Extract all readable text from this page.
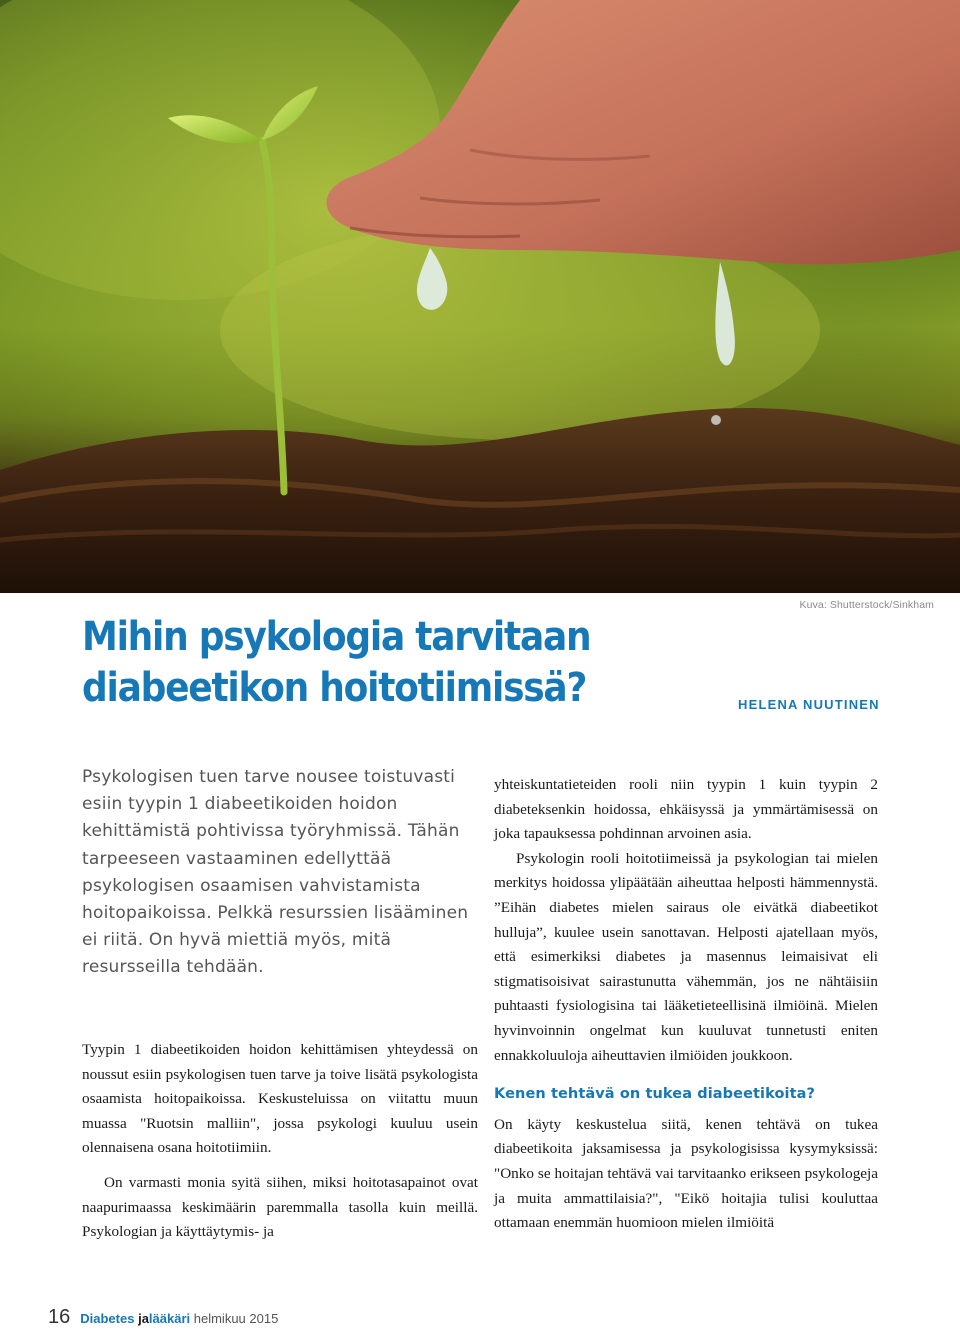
Kuva: Shutterstock/Sinkham
Mihin psykologia tarvitaan
diabeetikon hoitotiimissä?	HELENA NUUTINEN

Psykologisen tuen tarve nousee toistuvasti esiin tyypin 1 diabeetikoiden hoidon kehittämistä pohtivissa työryhmissä. Tähän tarpeeseen vastaaminen edellyttää psykologisen osaamisen vahvistamista hoitopaikoissa. Pelkkä resurssien lisääminen ei riitä. On hyvä miettiä myös, mitä resursseilla tehdään.

Tyypin 1 diabeetikoiden hoidon kehittämisen yhteydessä on noussut esiin psykologisen tuen tarve ja toive lisätä psykologista osaamista hoitopaikoissa. Keskusteluissa on viitattu muun muassa "Ruotsin malliin", jossa psykologi kuuluu usein olennaisena osana hoitotiimiin.

On varmasti monia syitä siihen, miksi hoitotasapainot ovat naapurimaassa keskimäärin paremmalla tasolla kuin meillä. Psykologian ja käyttäytymis- ja

yhteiskuntatieteiden rooli niin tyypin 1 kuin tyypin 2 diabeteksenkin hoidossa, ehkäisyssä ja ymmärtämisessä on joka tapauksessa pohdinnan arvoinen asia.

Psykologin rooli hoitotiimeissä ja psykologian tai mielen merkitys hoidossa ylipäätään aiheuttaa helposti hämmennystä. ”Eihän diabetes mielen sairaus ole eivätkä diabeetikot hulluja”, kuulee usein sanottavan. Helposti ajatellaan myös, että esimerkiksi diabetes ja masennus leimaisivat eli stigmatisoisivat sairastunutta vähemmän, jos ne nähtäisiin puhtaasti fysiologisina tai lääketieteellisinä ilmiöinä. Mielen hyvinvoinnin ongelmat kun kuuluvat tunnetusti eniten ennakkoluuloja aiheuttavien ilmiöiden joukkoon.

Kenen tehtävä on tukea diabeetikoita?

On käyty keskustelua siitä, kenen tehtävä on tukea diabeetikoita jaksamisessa ja psykologisissa kysymyksissä: "Onko se hoitajan tehtävä vai tarvitaanko erikseen psykologeja ja muita ammattilaisia?", "Eikö hoitajia tulisi kouluttaa ottamaan enemmän huomioon mielen ilmiöitä

16 Diabetes jalääkäri helmikuu 2015
